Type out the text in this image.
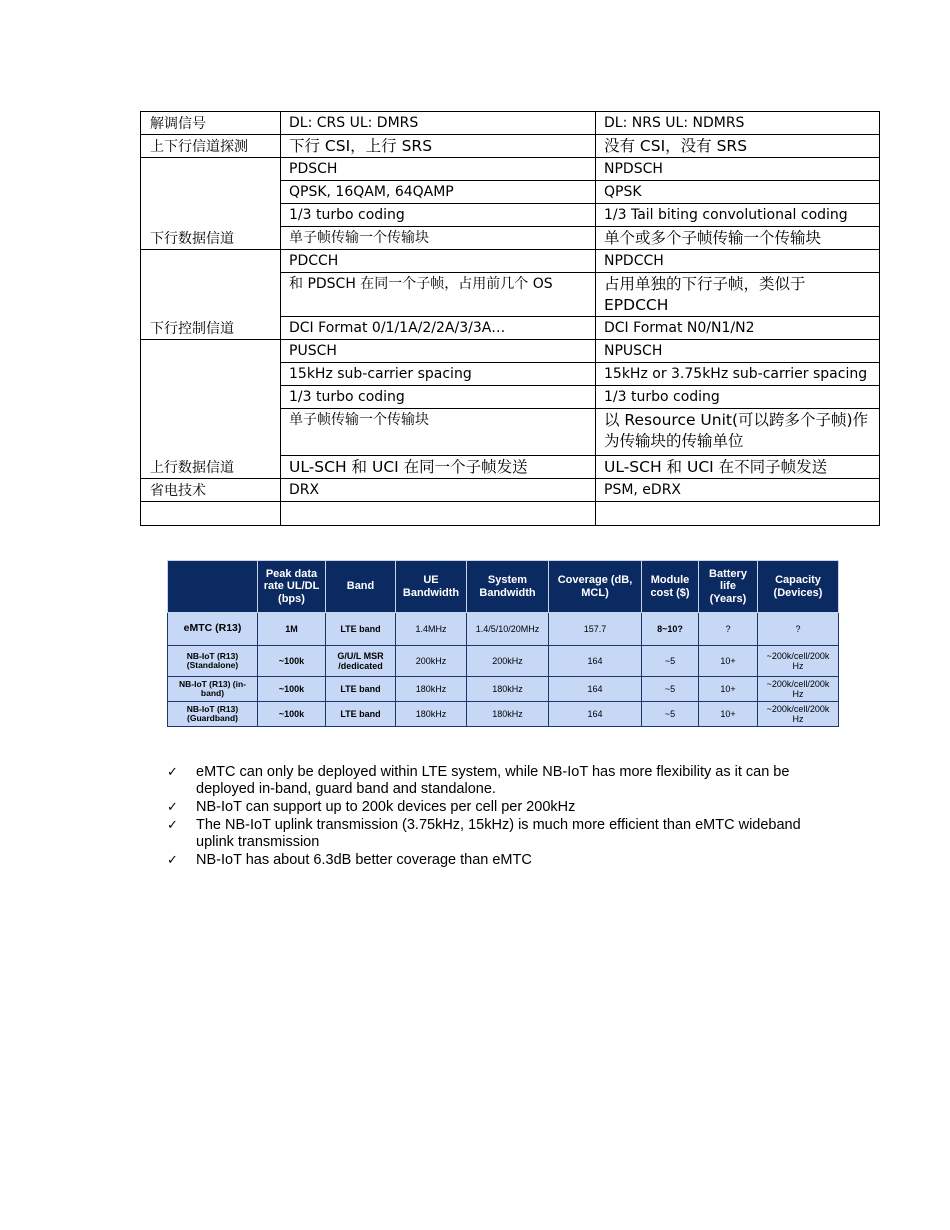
解调信号	DL: CRS UL: DMRS	DL: NRS UL: NDMRS
上下行信道探测	下行 CSI，上行 SRS	没有 CSI，没有 SRS
下行数据信道	PDSCH	NPDSCH
	QPSK, 16QAM, 64QAMP	QPSK
	1/3 turbo coding	1/3 Tail biting convolutional coding
	单子帧传输一个传输块	单个或多个子帧传输一个传输块
下行控制信道	PDCCH	NPDCCH
	和 PDSCH 在同一个子帧，占用前几个 OS	占用单独的下行子帧，类似于 EPDCCH
	DCI Format 0/1/1A/2/2A/3/3A…	DCI Format N0/N1/N2
上行数据信道	PUSCH	NPUSCH
	15kHz sub-carrier spacing	15kHz or 3.75kHz sub-carrier spacing
	1/3 turbo coding	1/3 turbo coding
	单子帧传输一个传输块	以 Resource Unit(可以跨多个子帧)作为传输块的传输单位
	UL-SCH 和 UCI 在同一个子帧发送	UL-SCH 和 UCI 在不同子帧发送
省电技术	DRX	PSM, eDRX

	Peak data rate UL/DL (bps)	Band	UE Bandwidth	System Bandwidth	Coverage (dB, MCL)	Module cost ($)	Battery life (Years)	Capacity (Devices)
eMTC (R13)	1M	LTE band	1.4MHz	1.4/5/10/20MHz	157.7	8~10?	?	?
NB-IoT (R13) (Standalone)	~100k	G/U/L MSR /dedicated	200kHz	200kHz	164	~5	10+	~200k/cell/200k Hz
NB-IoT (R13) (in-band)	~100k	LTE band	180kHz	180kHz	164	~5	10+	~200k/cell/200k Hz
NB-IoT (R13) (Guardband)	~100k	LTE band	180kHz	180kHz	164	~5	10+	~200k/cell/200k Hz
✓ eMTC can only be deployed within LTE system, while NB-IoT has more flexibility as it can be deployed in-band, guard band and standalone.
✓ NB-IoT can support up to 200k devices per cell per 200kHz
✓ The NB-IoT uplink transmission (3.75kHz, 15kHz) is much more efficient than eMTC wideband uplink transmission
✓ NB-IoT has about 6.3dB better coverage than eMTC
